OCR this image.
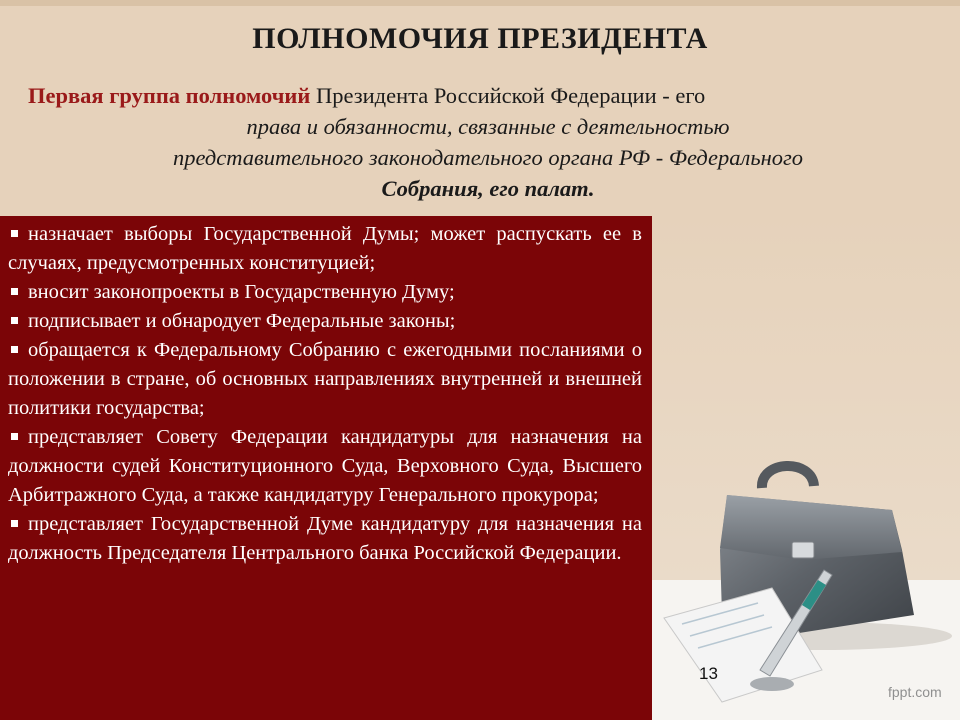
ПОЛНОМОЧИЯ ПРЕЗИДЕНТА
Первая группа полномочий Президента Российской Федерации - его
права и обязанности, связанные с деятельностью
представительного законодательного органа РФ - Федерального
Собрания, его палат.
назначает выборы Государственной Думы; может распускать ее в случаях, предусмотренных конституцией;
вносит законопроекты в Государственную Думу;
подписывает и обнародует Федеральные законы;
обращается к Федеральному Собранию с ежегодными посланиями о положении в стране, об основных направлениях внутренней и внешней политики государства;
представляет Совету Федерации кандидатуры для назначения на должности судей Конституционного Суда, Верховного Суда, Высшего Арбитражного Суда, а также кандидатуру Генерального прокурора;
представляет Государственной Думе кандидатуру для назначения на должность Председателя Центрального банка Российской Федерации.
13
fppt.com
